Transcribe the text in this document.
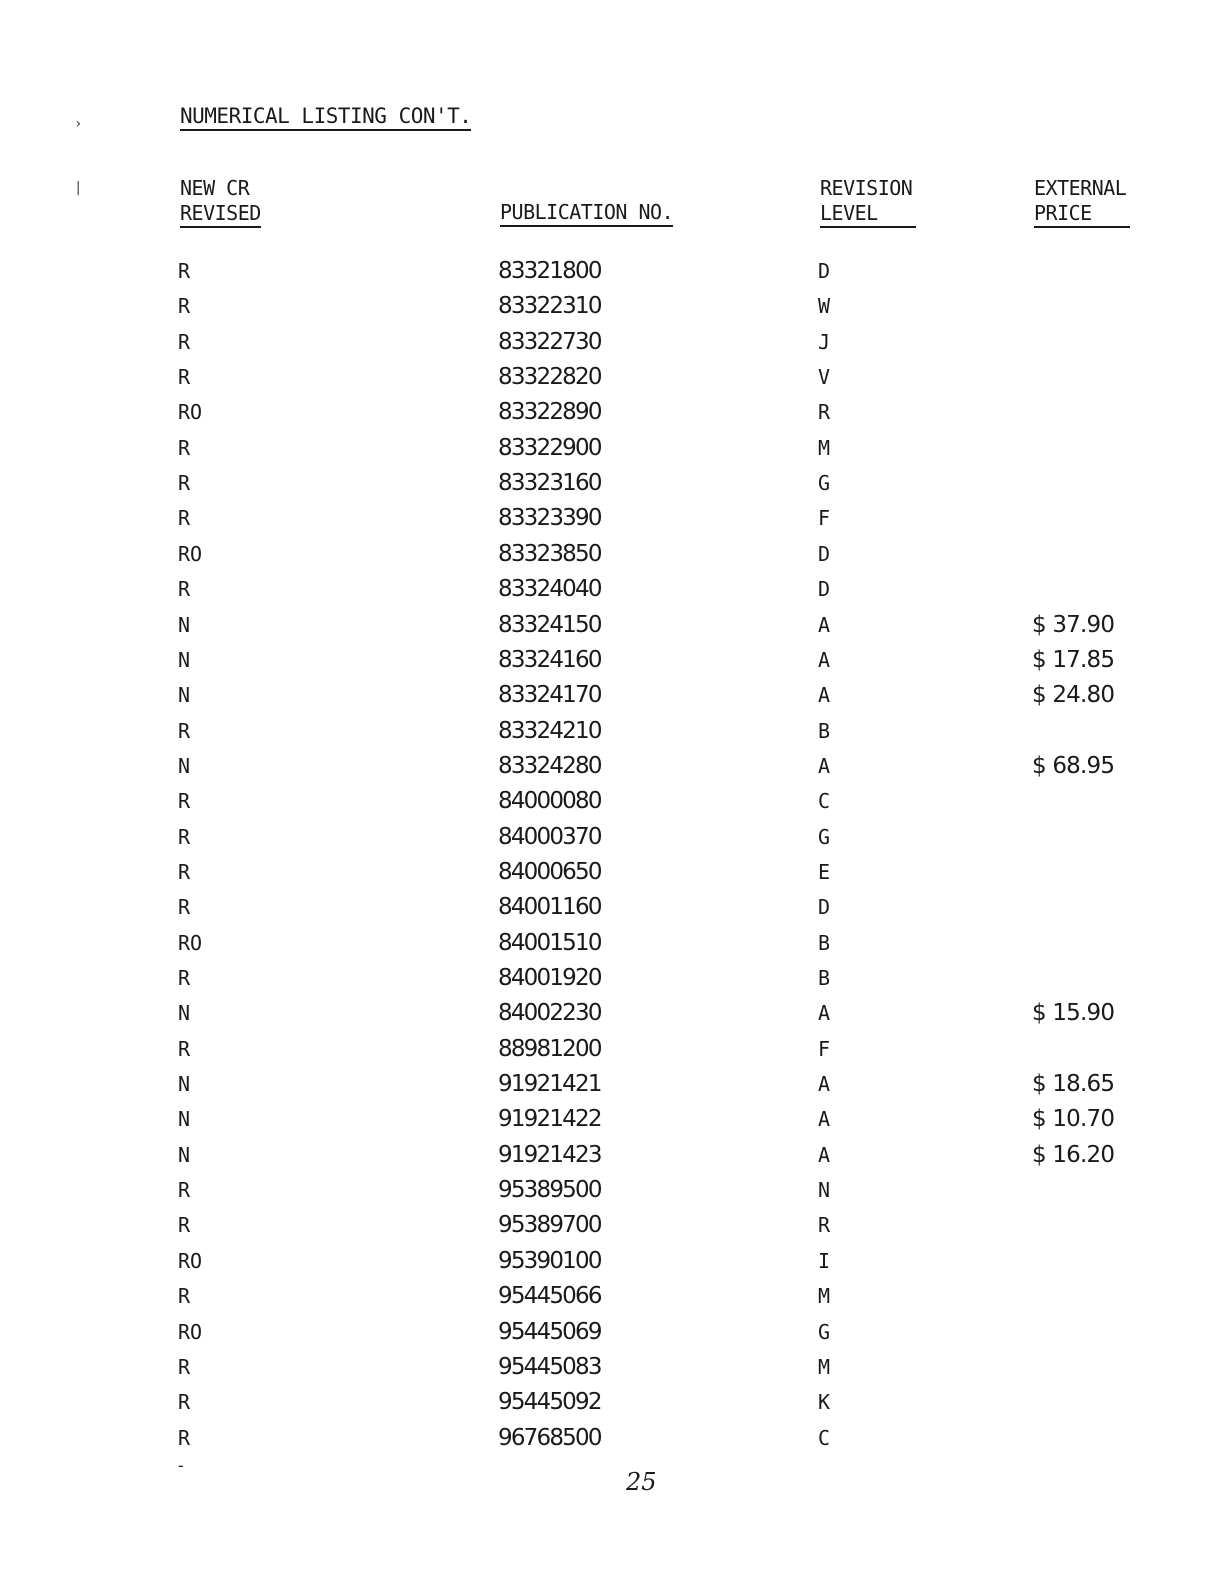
›
|
NUMERICAL LISTING CON'T.
NEW CR
REVISED	PUBLICATION NO.
REVISION
LEVEL
EXTERNAL
PRICE
R	83321800	D
R	83322310	W
R	83322730	J
R	83322820	V
RO	83322890	R
R	83322900	M
R	83323160	G
R	83323390	F
RO	83323850	D
R	83324040	D
N	83324150	A	$ 37.90
N	83324160	A	$ 17.85
N	83324170	A	$ 24.80
R	83324210	B
N	83324280	A	$ 68.95
R	84000080	C
R	84000370	G
R	84000650	E
R	84001160	D
RO	84001510	B
R	84001920	B
N	84002230	A	$ 15.90
R	88981200	F
N	91921421	A	$ 18.65
N	91921422	A	$ 10.70
N	91921423	A	$ 16.20
R	95389500	N
R	95389700	R
RO	95390100	I
R	95445066	M
RO	95445069	G
R	95445083	M
R	95445092	K
R	96768500	C
-
25
